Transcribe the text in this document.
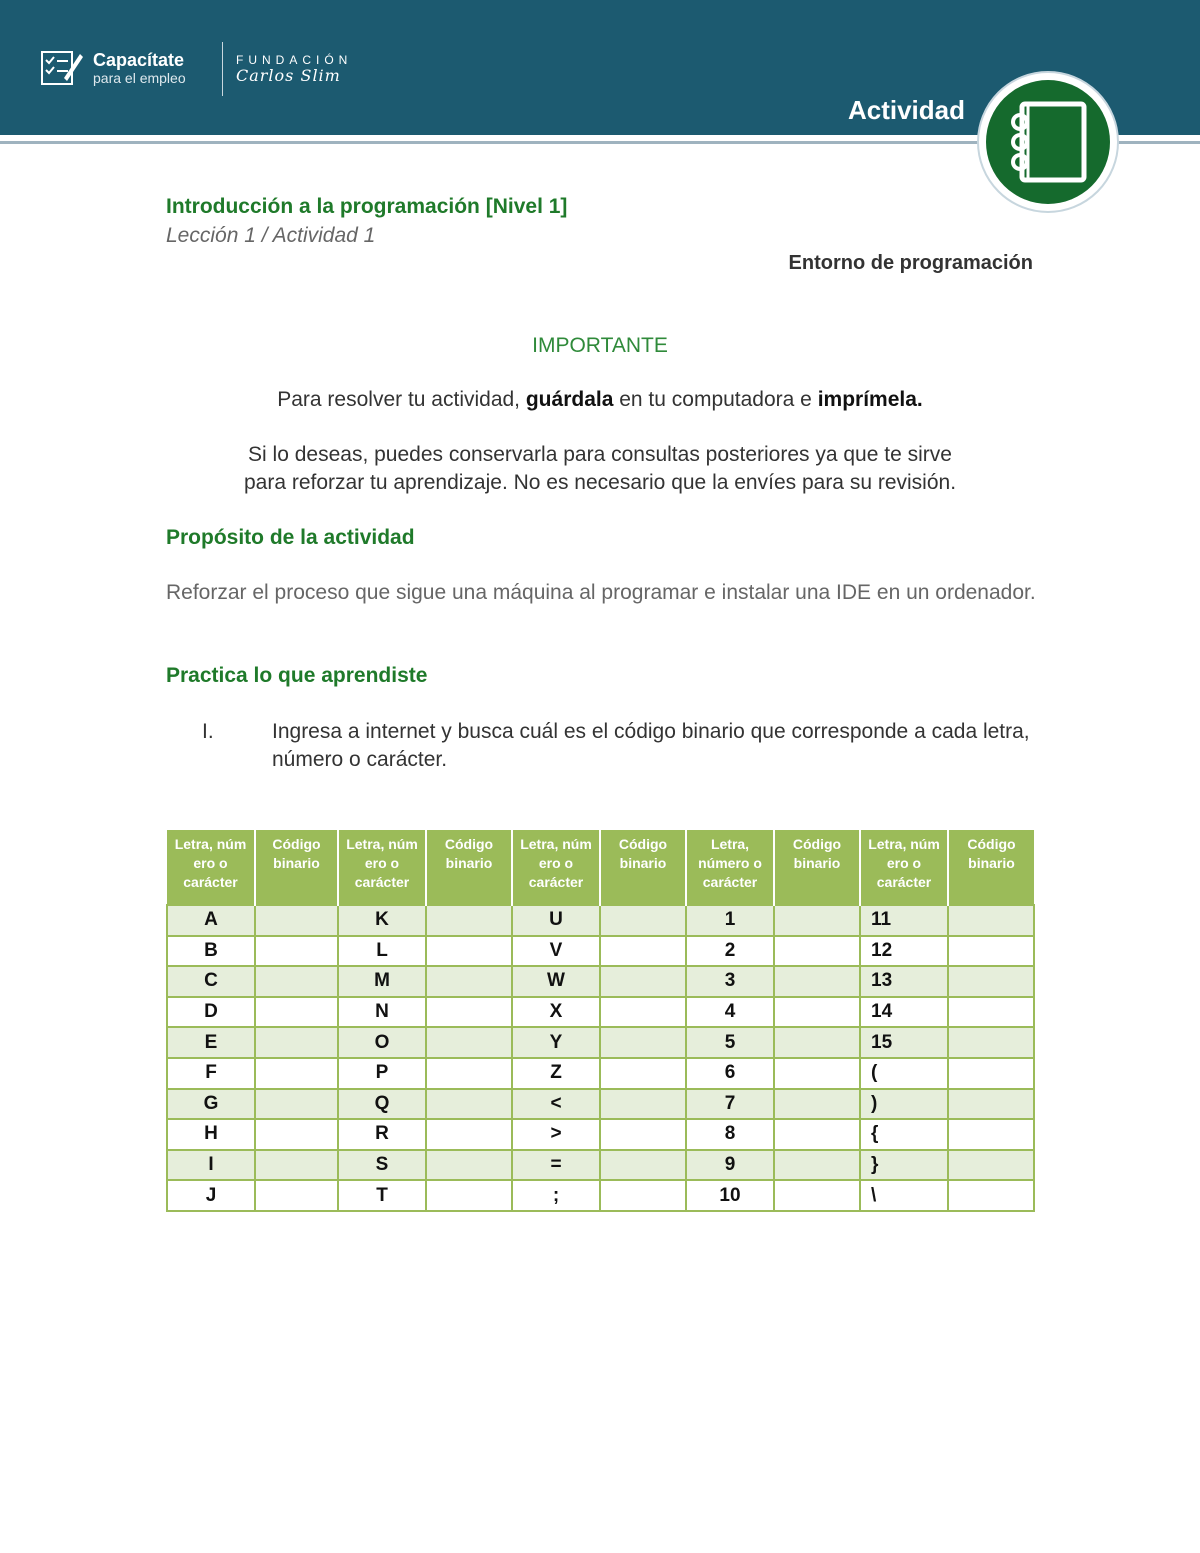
Capacítate
para el empleo
FUNDACIÓN
Carlos Slim
Actividad
Introducción a la programación [Nivel 1]
Lección 1 / Actividad 1
Entorno de programación
IMPORTANTE
Para resolver tu actividad, guárdala en tu computadora e imprímela.
Si lo deseas, puedes conservarla para consultas posteriores ya que te sirve
para reforzar tu aprendizaje. No es necesario que la envíes para su revisión.
Propósito de la actividad
Reforzar el proceso que sigue una máquina al programar e instalar una IDE en un ordenador.
Practica lo que aprendiste
I.	Ingresa a internet y busca cuál es el código binario que corresponde a cada letra, número o carácter.
Letra, núm ero o carácter	Código binario	Letra, núm ero o carácter	Código binario	Letra, núm ero o carácter	Código binario	Letra, número o carácter	Código binario	Letra, núm ero o carácter	Código binario
A		K		U		1		11	
B		L		V		2		12	
C		M		W		3		13	
D		N		X		4		14	
E		O		Y		5		15	
F		P		Z		6		(	
G		Q		<		7		)	
H		R		>		8		{	
I		S		=		9		}	
J		T		;		10		\	
